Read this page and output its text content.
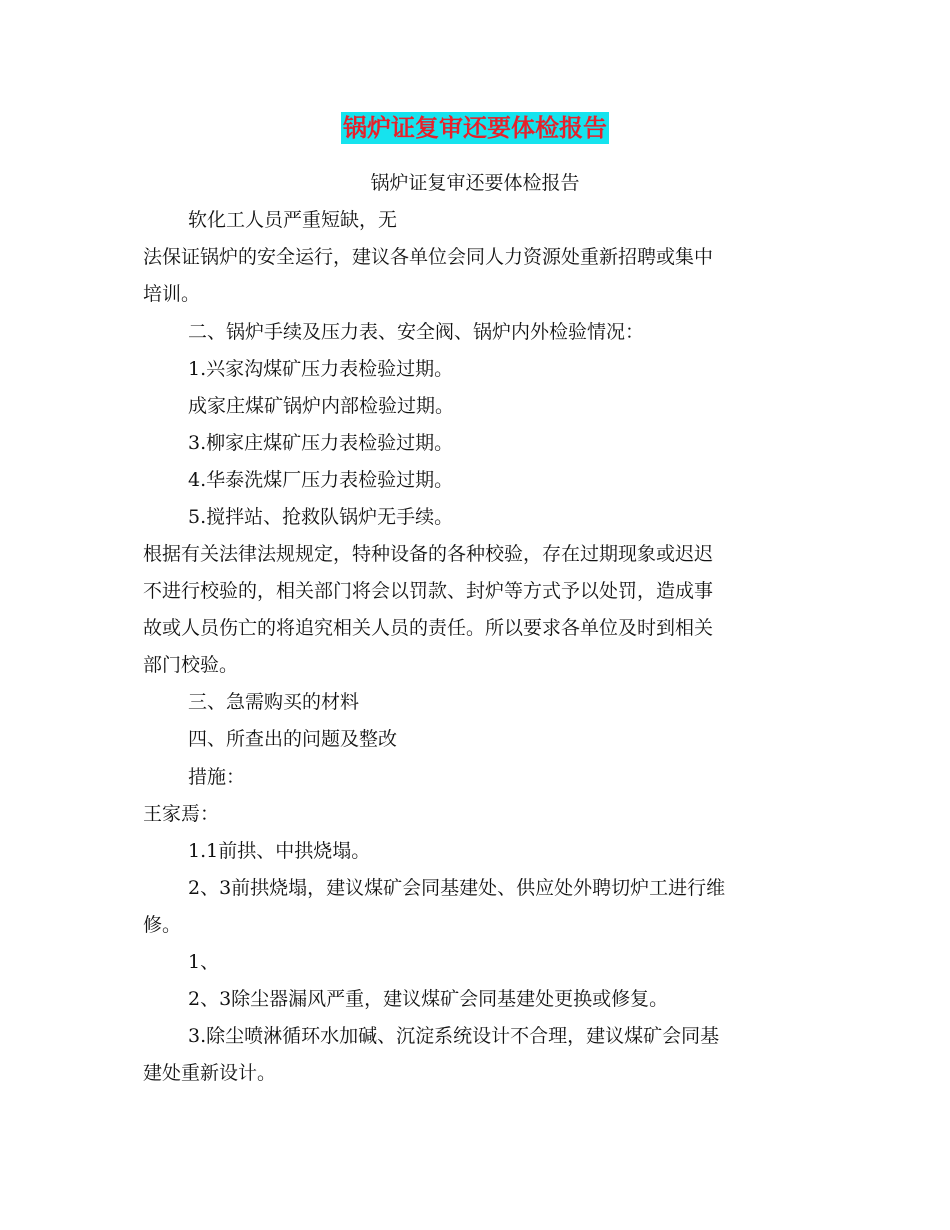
锅炉证复审还要体检报告
锅炉证复审还要体检报告
软化工人员严重短缺，无
法保证锅炉的安全运行，建议各单位会同人力资源处重新招聘或集中
培训。
二、锅炉手续及压力表、安全阀、锅炉内外检验情况：
1.兴家沟煤矿压力表检验过期。
成家庄煤矿锅炉内部检验过期。
3.柳家庄煤矿压力表检验过期。
4.华泰洗煤厂压力表检验过期。
5.搅拌站、抢救队锅炉无手续。
根据有关法律法规规定，特种设备的各种校验，存在过期现象或迟迟
不进行校验的，相关部门将会以罚款、封炉等方式予以处罚，造成事
故或人员伤亡的将追究相关人员的责任。所以要求各单位及时到相关
部门校验。
三、急需购买的材料
四、所查出的问题及整改
措施：
王家焉：
1.1前拱、中拱烧塌。
2、3前拱烧塌，建议煤矿会同基建处、供应处外聘切炉工进行维
修。
1、
2、3除尘器漏风严重，建议煤矿会同基建处更换或修复。
3.除尘喷淋循环水加碱、沉淀系统设计不合理，建议煤矿会同基
建处重新设计。
